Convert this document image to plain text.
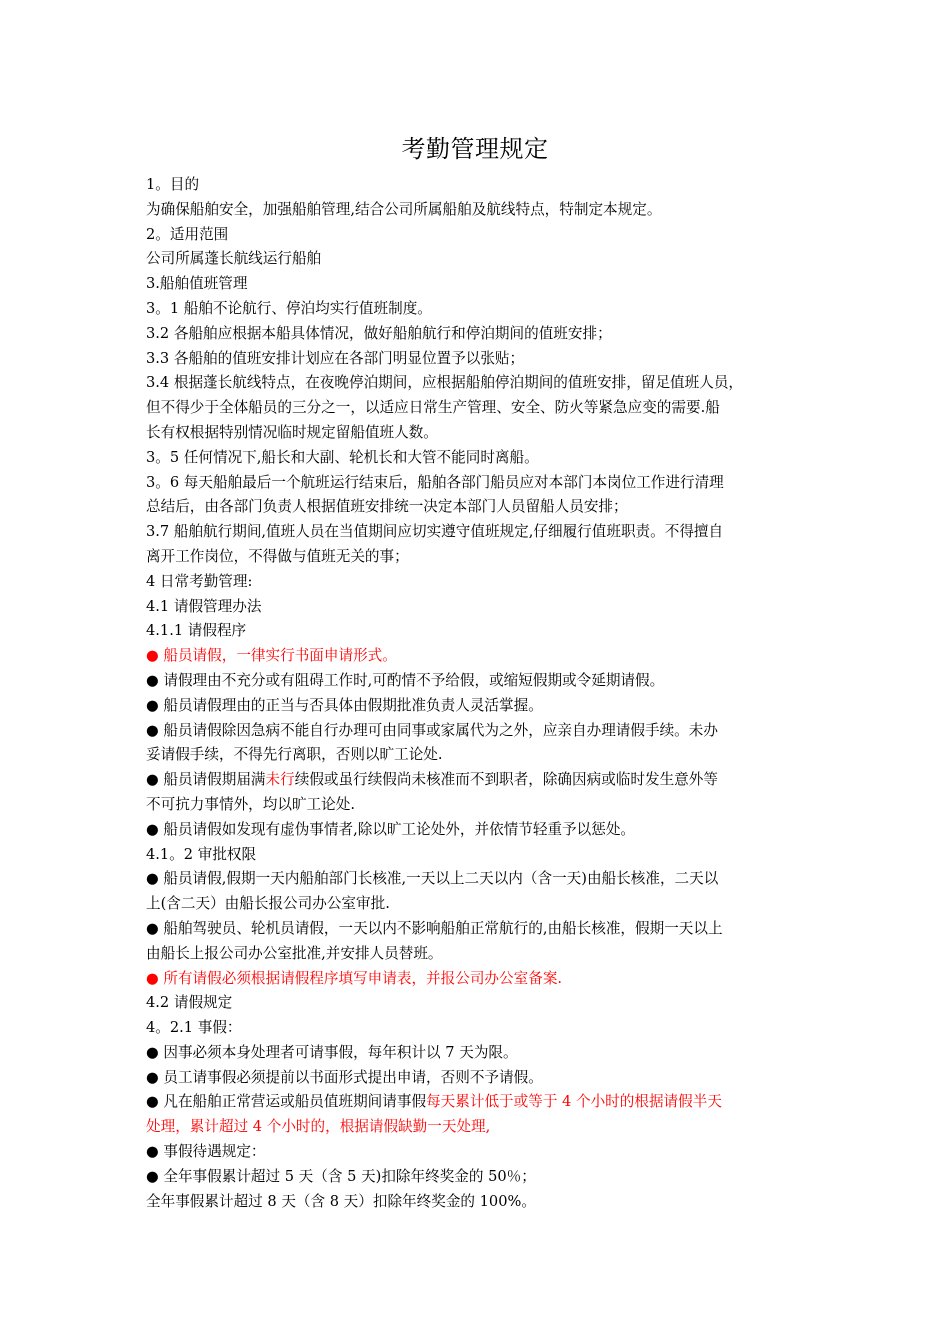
考勤管理规定
1。目的
为确保船舶安全，加强船舶管理,结合公司所属船舶及航线特点，特制定本规定。
2。适用范围
公司所属蓬长航线运行船舶
3.船舶值班管理
3。1 船舶不论航行、停泊均实行值班制度。
3.2 各船舶应根据本船具体情况，做好船舶航行和停泊期间的值班安排；
3.3 各船舶的值班安排计划应在各部门明显位置予以张贴；
3.4 根据蓬长航线特点，在夜晚停泊期间，应根据船舶停泊期间的值班安排，留足值班人员，
但不得少于全体船员的三分之一，以适应日常生产管理、安全、防火等紧急应变的需要.船
长有权根据特别情况临时规定留船值班人数。
3。5 任何情况下,船长和大副、轮机长和大管不能同时离船。
3。6 每天船舶最后一个航班运行结束后，船舶各部门船员应对本部门本岗位工作进行清理
总结后，由各部门负责人根据值班安排统一决定本部门人员留船人员安排；
3.7 船舶航行期间,值班人员在当值期间应切实遵守值班规定,仔细履行值班职责。不得擅自
离开工作岗位，不得做与值班无关的事；
4 日常考勤管理:
4.1 请假管理办法
4.1.1 请假程序
● 船员请假，一律实行书面申请形式。
● 请假理由不充分或有阻碍工作时,可酌情不予给假，或缩短假期或令延期请假。
● 船员请假理由的正当与否具体由假期批准负责人灵活掌握。
● 船员请假除因急病不能自行办理可由同事或家属代为之外，应亲自办理请假手续。未办
妥请假手续，不得先行离职，否则以旷工论处.
● 船员请假期届满未行续假或虽行续假尚未核准而不到职者，除确因病或临时发生意外等
不可抗力事情外，均以旷工论处.
● 船员请假如发现有虚伪事情者,除以旷工论处外，并依情节轻重予以惩处。
4.1。2 审批权限
● 船员请假,假期一天内船舶部门长核准,一天以上二天以内（含一天)由船长核准，二天以
上(含二天）由船长报公司办公室审批.
● 船舶驾驶员、轮机员请假，一天以内不影响船舶正常航行的,由船长核准，假期一天以上
由船长上报公司办公室批准,并安排人员替班。
● 所有请假必须根据请假程序填写申请表，并报公司办公室备案.
4.2 请假规定
4。2.1 事假：
● 因事必须本身处理者可请事假，每年积计以 7 天为限。
● 员工请事假必须提前以书面形式提出申请，否则不予请假。
● 凡在船舶正常营运或船员值班期间请事假每天累计低于或等于 4 个小时的根据请假半天
处理，累计超过 4 个小时的，根据请假缺勤一天处理,
● 事假待遇规定：
● 全年事假累计超过 5 天（含 5 天)扣除年终奖金的 50％；
全年事假累计超过 8 天（含 8 天）扣除年终奖金的 100%。
